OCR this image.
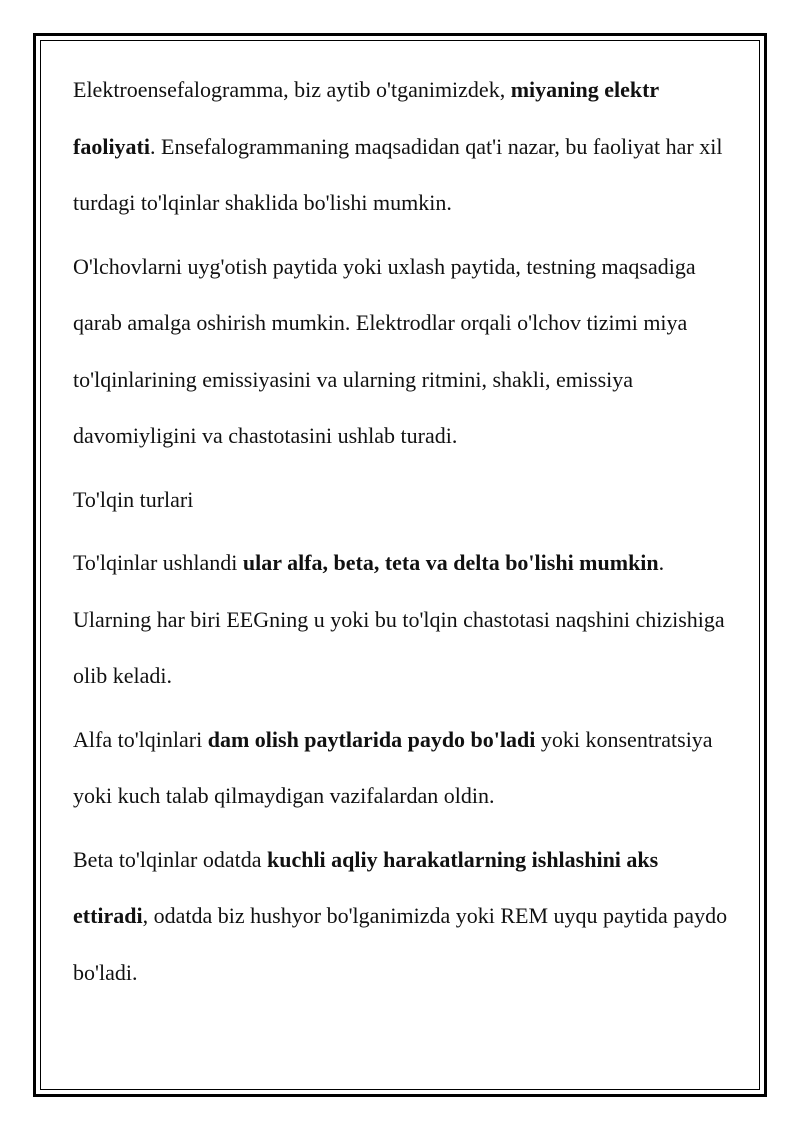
Elektroensefalogramma, biz aytib o'tganimizdek, miyaning elektr faoliyati. Ensefalogrammaning maqsadidan qat'i nazar, bu faoliyat har xil turdagi to'lqinlar shaklida bo'lishi mumkin.

O'lchovlarni uyg'otish paytida yoki uxlash paytida, testning maqsadiga qarab amalga oshirish mumkin. Elektrodlar orqali o'lchov tizimi miya to'lqinlarining emissiyasini va ularning ritmini, shakli, emissiya davomiyligini va chastotasini ushlab turadi.

To'lqin turlari

To'lqinlar ushlandi ular alfa, beta, teta va delta bo'lishi mumkin. Ularning har biri EEGning u yoki bu to'lqin chastotasi naqshini chizishiga olib keladi.

Alfa to'lqinlari dam olish paytlarida paydo bo'ladi yoki konsentratsiya yoki kuch talab qilmaydigan vazifalardan oldin.

Beta to'lqinlar odatda kuchli aqliy harakatlarning ishlashini aks ettiradi, odatda biz hushyor bo'lganimizda yoki REM uyqu paytida paydo bo'ladi.
